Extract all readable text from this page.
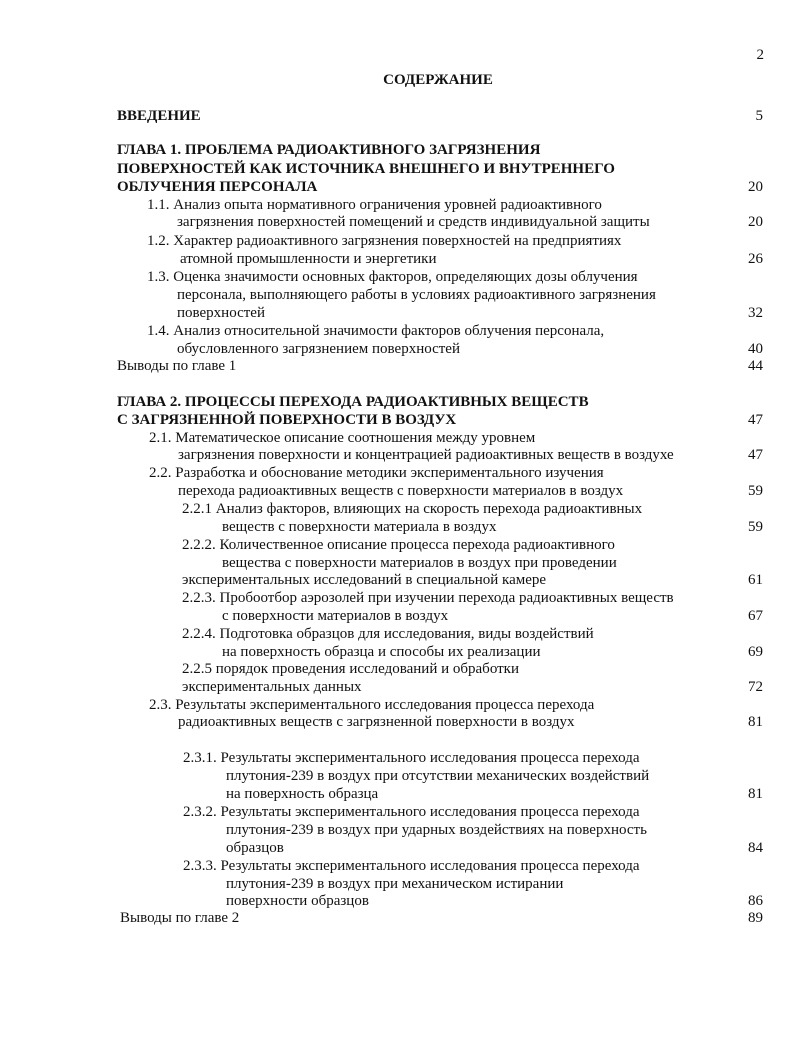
2
СОДЕРЖАНИЕ
ВВЕДЕНИЕ	5
ГЛАВА 1. ПРОБЛЕМА РАДИОАКТИВНОГО ЗАГРЯЗНЕНИЯ
ПОВЕРХНОСТЕЙ КАК ИСТОЧНИКА ВНЕШНЕГО И ВНУТРЕННЕГО
ОБЛУЧЕНИЯ ПЕРСОНАЛА	20
1.1. Анализ опыта нормативного ограничения уровней радиоактивного
загрязнения поверхностей помещений и средств индивидуальной защиты	20
1.2. Характер радиоактивного загрязнения поверхностей на предприятиях
атомной промышленности и энергетики	26
1.3. Оценка значимости основных факторов, определяющих дозы облучения
персонала, выполняющего работы в условиях радиоактивного загрязнения
поверхностей	32
1.4. Анализ относительной значимости факторов облучения персонала,
обусловленного загрязнением поверхностей	40
Выводы по главе 1	44
ГЛАВА 2. ПРОЦЕССЫ ПЕРЕХОДА РАДИОАКТИВНЫХ ВЕЩЕСТВ
С ЗАГРЯЗНЕННОЙ ПОВЕРХНОСТИ В ВОЗДУХ	47
2.1. Математическое описание соотношения между уровнем
загрязнения поверхности и концентрацией радиоактивных веществ в воздухе	47
2.2. Разработка и обоснование методики экспериментального изучения
перехода радиоактивных веществ с поверхности материалов в воздух	59
2.2.1 Анализ факторов, влияющих на скорость перехода радиоактивных
веществ с поверхности материала в воздух	59
2.2.2. Количественное описание процесса перехода радиоактивного
вещества с поверхности материалов в воздух при проведении
экспериментальных исследований в специальной камере	61
2.2.3. Пробоотбор аэрозолей при изучении перехода радиоактивных веществ
с поверхности материалов в воздух	67
2.2.4. Подготовка образцов для исследования, виды воздействий
на поверхность образца и способы их реализации	69
2.2.5 порядок проведения исследований и обработки
экспериментальных данных	72
2.3. Результаты экспериментального исследования процесса перехода
радиоактивных веществ с загрязненной поверхности в воздух	81
2.3.1. Результаты экспериментального исследования процесса перехода
плутония-239 в воздух при отсутствии механических воздействий
на поверхность образца	81
2.3.2. Результаты экспериментального исследования процесса перехода
плутония-239 в воздух при ударных воздействиях на поверхность
образцов	84
2.3.3. Результаты экспериментального исследования процесса перехода
плутония-239 в воздух при механическом истирании
поверхности образцов	86
Выводы по главе 2	89
